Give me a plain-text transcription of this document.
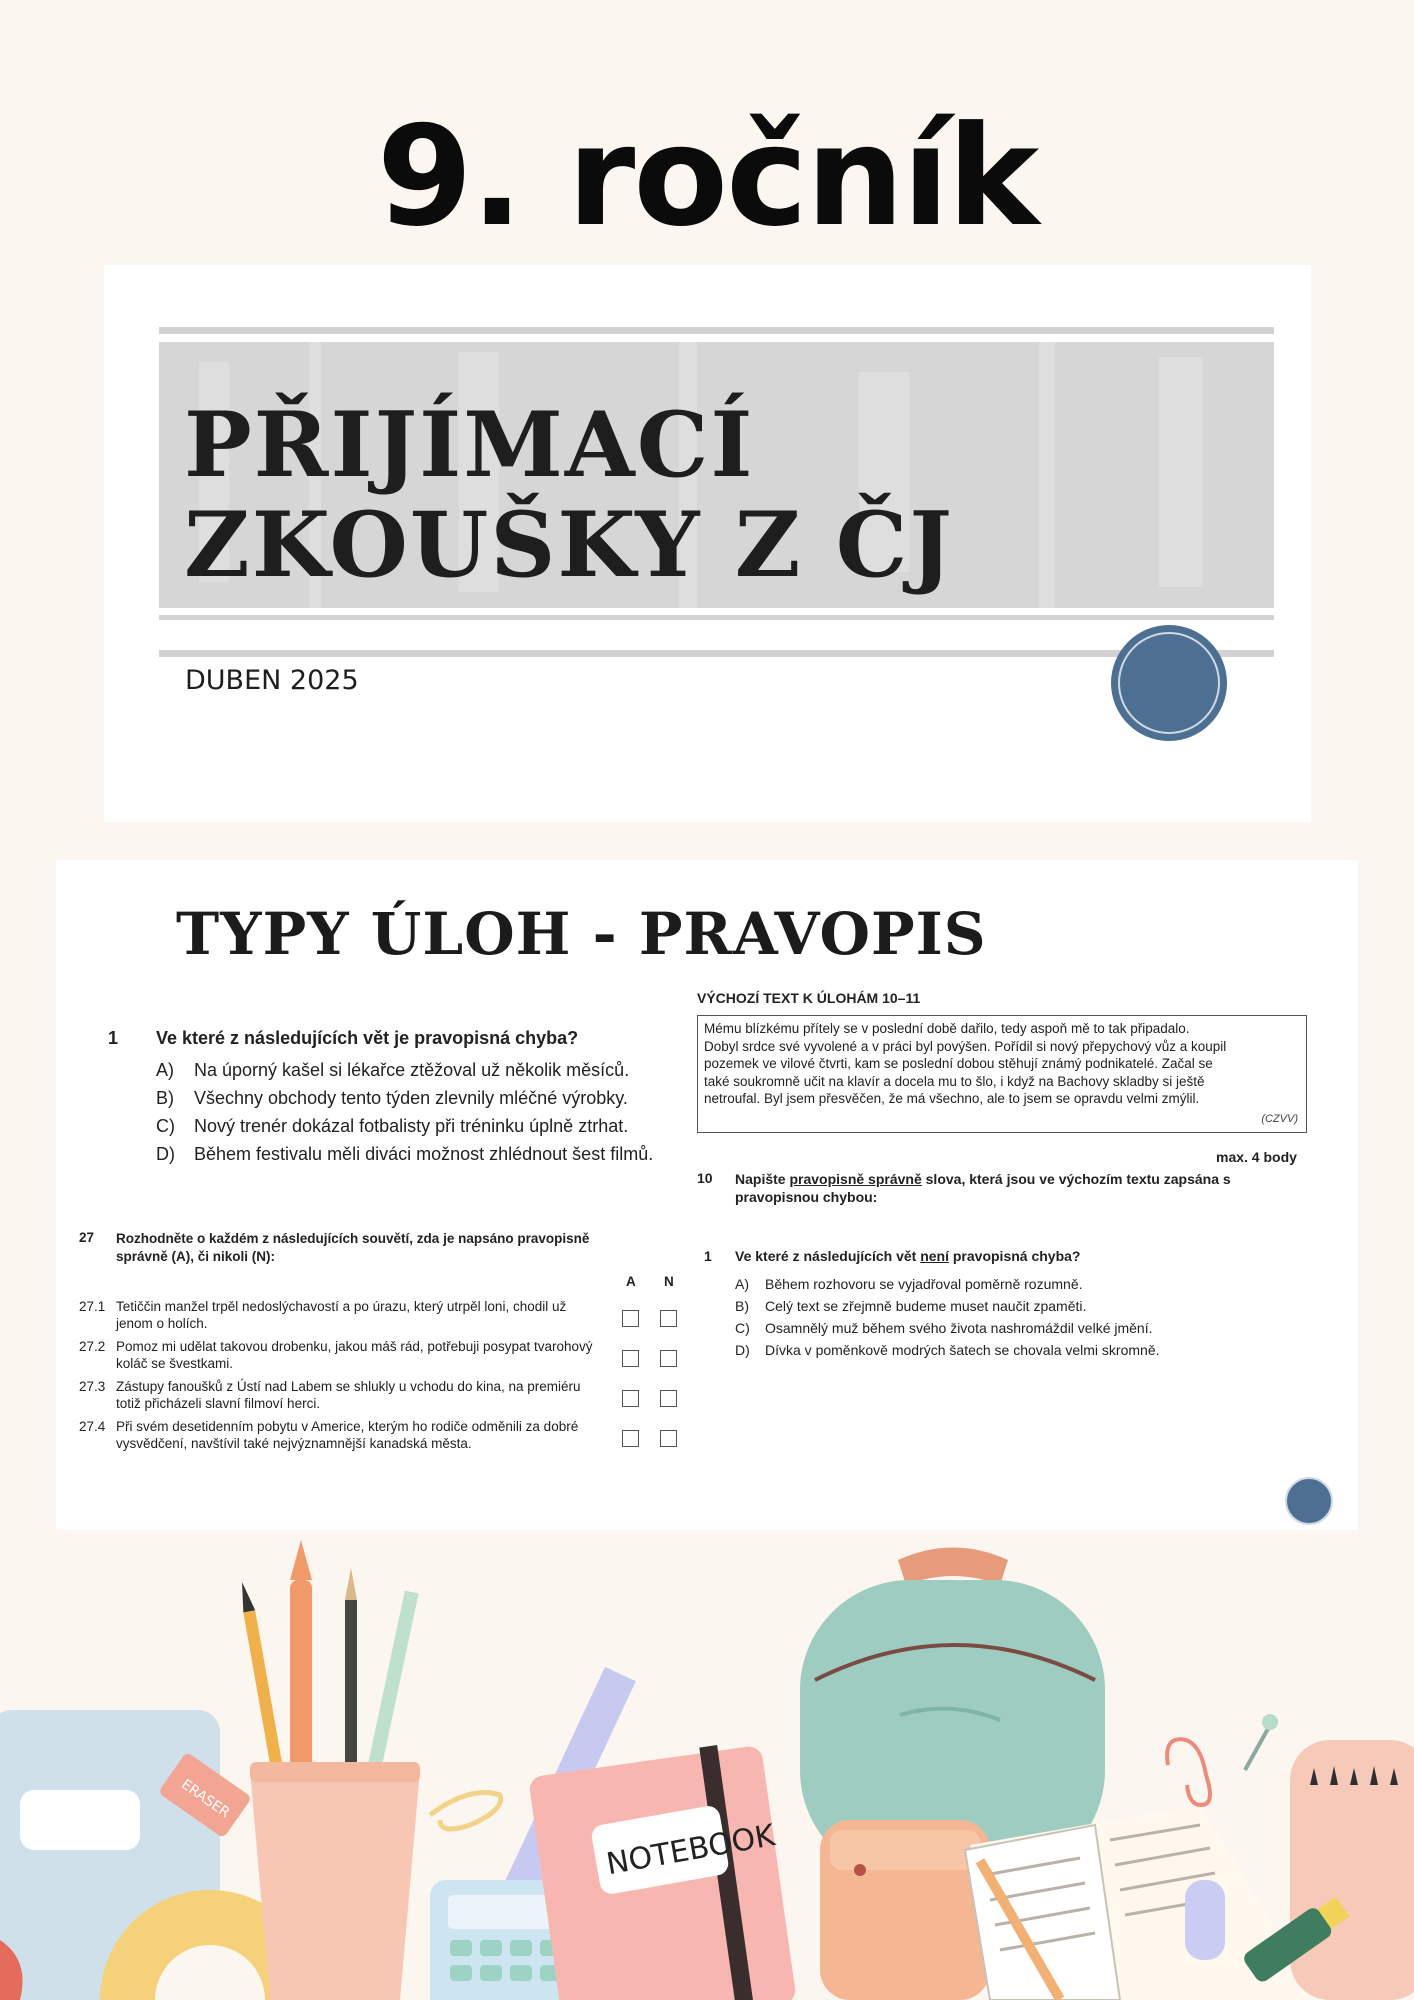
9. ročník
PŘIJÍMACÍ
ZKOUŠKY Z ČJ
DUBEN 2025
TYPY ÚLOH - PRAVOPIS
1 Ve které z následujících vět je pravopisná chyba?
A) Na úporný kašel si lékařce ztěžoval už několik měsíců.
B) Všechny obchody tento týden zlevnily mléčné výrobky.
C) Nový trenér dokázal fotbalisty při tréninku úplně ztrhat.
D) Během festivalu měli diváci možnost zhlédnout šest filmů.
VÝCHOZÍ TEXT K ÚLOHÁM 10–11
Mému blízkému přítely se v poslední době dařilo, tedy aspoň mě to tak připadalo.
Dobyl srdce své vyvolené a v práci byl povýšen. Pořídil si nový přepychový vůz a koupil
pozemek ve vilové čtvrti, kam se poslední dobou stěhují známý podnikatelé. Začal se
také soukromně učit na klavír a docela mu to šlo, i když na Bachovy skladby si ještě
netroufal. Byl jsem přesvěčen, že má všechno, ale to jsem se opravdu velmi zmýlil.
(CZVV)
max. 4 body
10 Napište pravopisně správně slova, která jsou ve výchozím textu zapsána s pravopisnou chybou:
27 Rozhodněte o každém z následujících souvětí, zda je napsáno pravopisně správně (A), či nikoli (N):
A N
27.1 Tetiččin manžel trpěl nedoslýchavostí a po úrazu, který utrpěl loni, chodil už jenom o holích.
27.2 Pomoz mi udělat takovou drobenku, jakou máš rád, potřebuji posypat tvarohový koláč se švestkami.
27.3 Zástupy fanoušků z Ústí nad Labem se shlukly u vchodu do kina, na premiéru totiž přicházeli slavní filmoví herci.
27.4 Při svém desetidenním pobytu v Americe, kterým ho rodiče odměnili za dobré vysvědčení, navštívil také nejvýznamnější kanadská města.
1 Ve které z následujících vět není pravopisná chyba?
A) Během rozhovoru se vyjadřoval poměrně rozumně.
B) Celý text se zřejmně budeme muset naučit zpaměti.
C) Osamnělý muž během svého života nashromáždil velké jmění.
D) Dívka v poměnkově modrých šatech se chovala velmi skromně.
ERASER
NOTEBOOK
